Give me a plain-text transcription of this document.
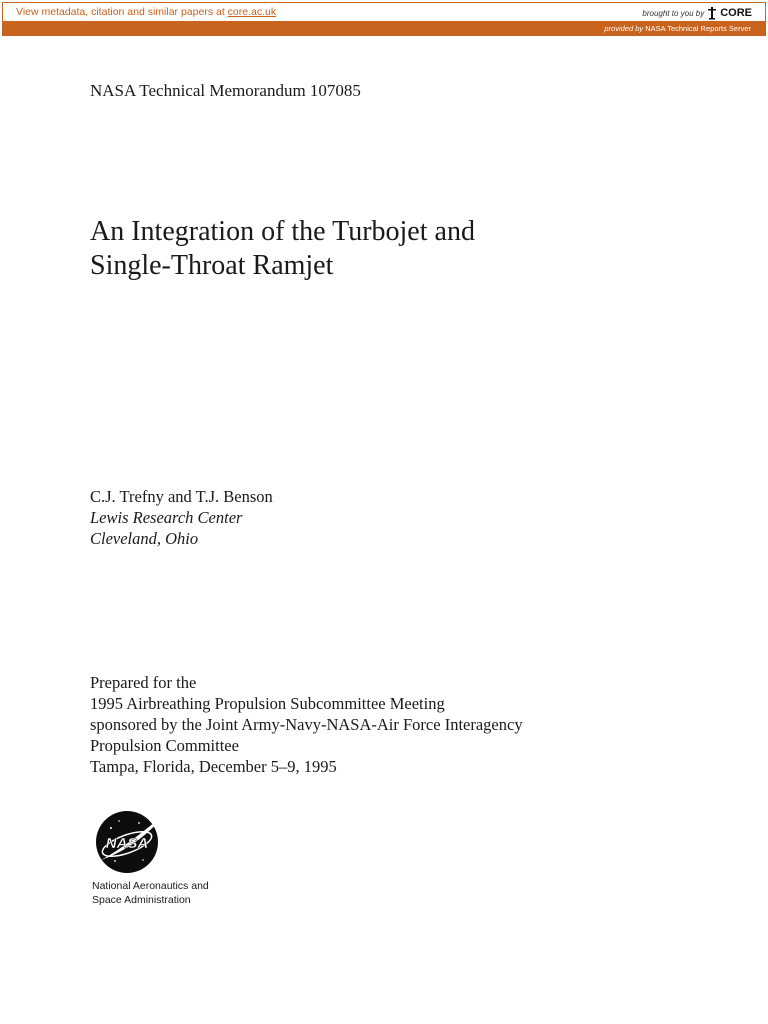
View metadata, citation and similar papers at core.ac.uk	brought to you by CORE
provided by NASA Technical Reports Server
NASA Technical Memorandum 107085
An Integration of the Turbojet and
Single-Throat Ramjet
C.J. Trefny and T.J. Benson
Lewis Research Center
Cleveland, Ohio
Prepared for the
1995 Airbreathing Propulsion Subcommittee Meeting
sponsored by the Joint Army-Navy-NASA-Air Force Interagency
Propulsion Committee
Tampa, Florida, December 5–9, 1995
NASA
National Aeronautics and
Space Administration
